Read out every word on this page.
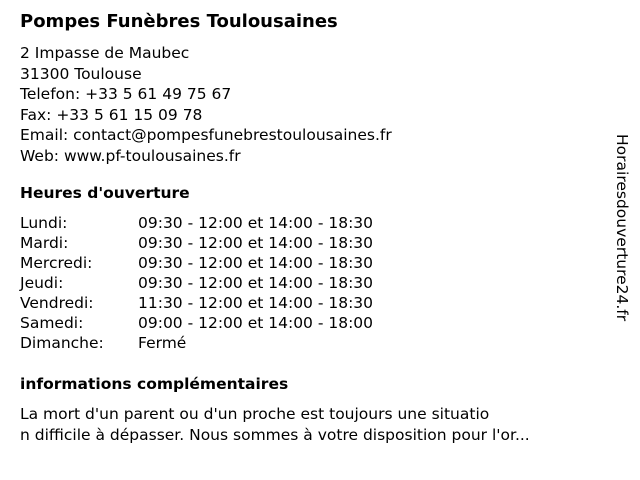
Pompes Funèbres Toulousaines
2 Impasse de Maubec
31300 Toulouse
Telefon: +33 5 61 49 75 67
Fax: +33 5 61 15 09 78
Email: contact@pompesfunebrestoulousaines.fr
Web: www.pf-toulousaines.fr
Heures d'ouverture
Lundi:	09:30 - 12:00 et 14:00 - 18:30
Mardi:	09:30 - 12:00 et 14:00 - 18:30
Mercredi:	09:30 - 12:00 et 14:00 - 18:30
Jeudi:	09:30 - 12:00 et 14:00 - 18:30
Vendredi:	11:30 - 12:00 et 14:00 - 18:30
Samedi:	09:00 - 12:00 et 14:00 - 18:00
Dimanche: Fermé
informations complémentaires
La mort d'un parent ou d'un proche est toujours une situatio
n difficile à dépasser. Nous sommes à votre disposition pour l'or...
Horairesdouverture24.fr
